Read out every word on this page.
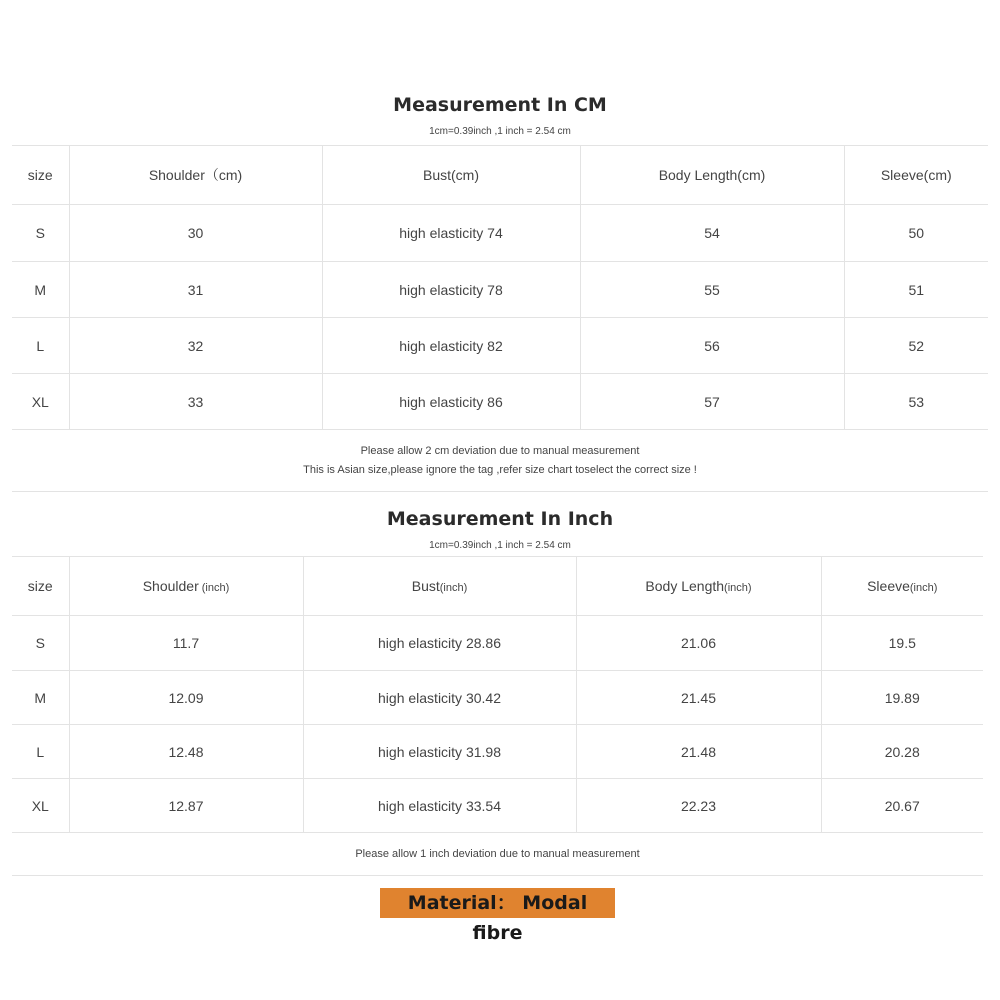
Measurement In CM
1cm=0.39inch ,1 inch = 2.54 cm
size	Shoulder（cm)	Bust(cm)	Body Length(cm)	Sleeve(cm)
S	30	high elasticity 74	54	50
M	31	high elasticity 78	55	51
L	32	high elasticity 82	56	52
XL	33	high elasticity 86	57	53

Please allow 2 cm deviation due to manual measurement
This is Asian size,please ignore the tag ,refer size chart toselect the correct size !				
Measurement In Inch
1cm=0.39inch ,1 inch = 2.54 cm
size	Shoulder (inch)	Bust(inch)	Body Length(inch)	Sleeve(inch)
S	11.7	high elasticity 28.86	21.06	19.5
M	12.09	high elasticity 30.42	21.45	19.89
L	12.48	high elasticity 31.98	21.48	20.28
XL	12.87	high elasticity 33.54	22.23	20.67
Please allow 1 inch deviation due to manual measurement				
Material： Modal fibre
